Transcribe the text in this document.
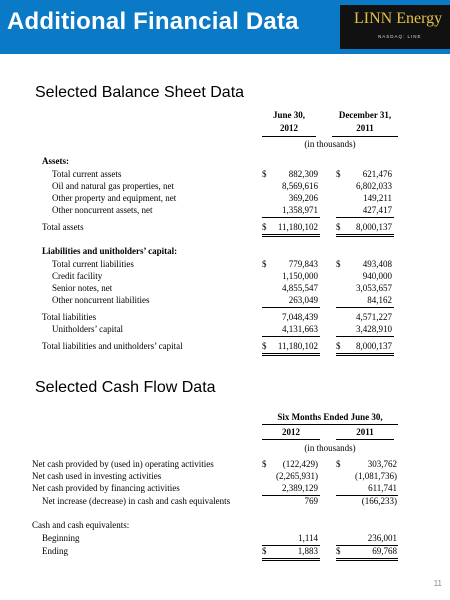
Additional Financial Data	LINN Energy
NASDAQ: LINE
Selected Balance Sheet Data
June 30,
2012
December 31,
2011
(in thousands)
Assets:
Total current assets	$	882,309 $	621,476
Oil and natural gas properties, net	8,569,616	6,802,033
Other property and equipment, net	369,206	149,211
Other noncurrent assets, net	1,358,971	427,417
Total assets	$	11,180,102 $	8,000,137
Liabilities and unitholders’ capital:
Total current liabilities	$	779,843 $	493,408
Credit facility	1,150,000	940,000
Senior notes, net	4,855,547	3,053,657
Other noncurrent liabilities	263,049	84,162
Total liabilities	7,048,439	4,571,227
Unitholders’ capital	4,131,663	3,428,910
Total liabilities and unitholders’ capital	$	11,180,102 $	8,000,137
Selected Cash Flow Data
Six Months Ended June 30,
2012	2011
(in thousands)
Net cash provided by (used in) operating activities	$	(122,429) $	303,762
Net cash used in investing activities	(2,265,931)	(1,081,736)
Net cash provided by financing activities	2,389,129	611,741
Net increase (decrease) in cash and cash equivalents	769	(166,233)
Cash and cash equivalents:
Beginning	1,114	236,001
Ending	$	1,883 $	69,768
11
